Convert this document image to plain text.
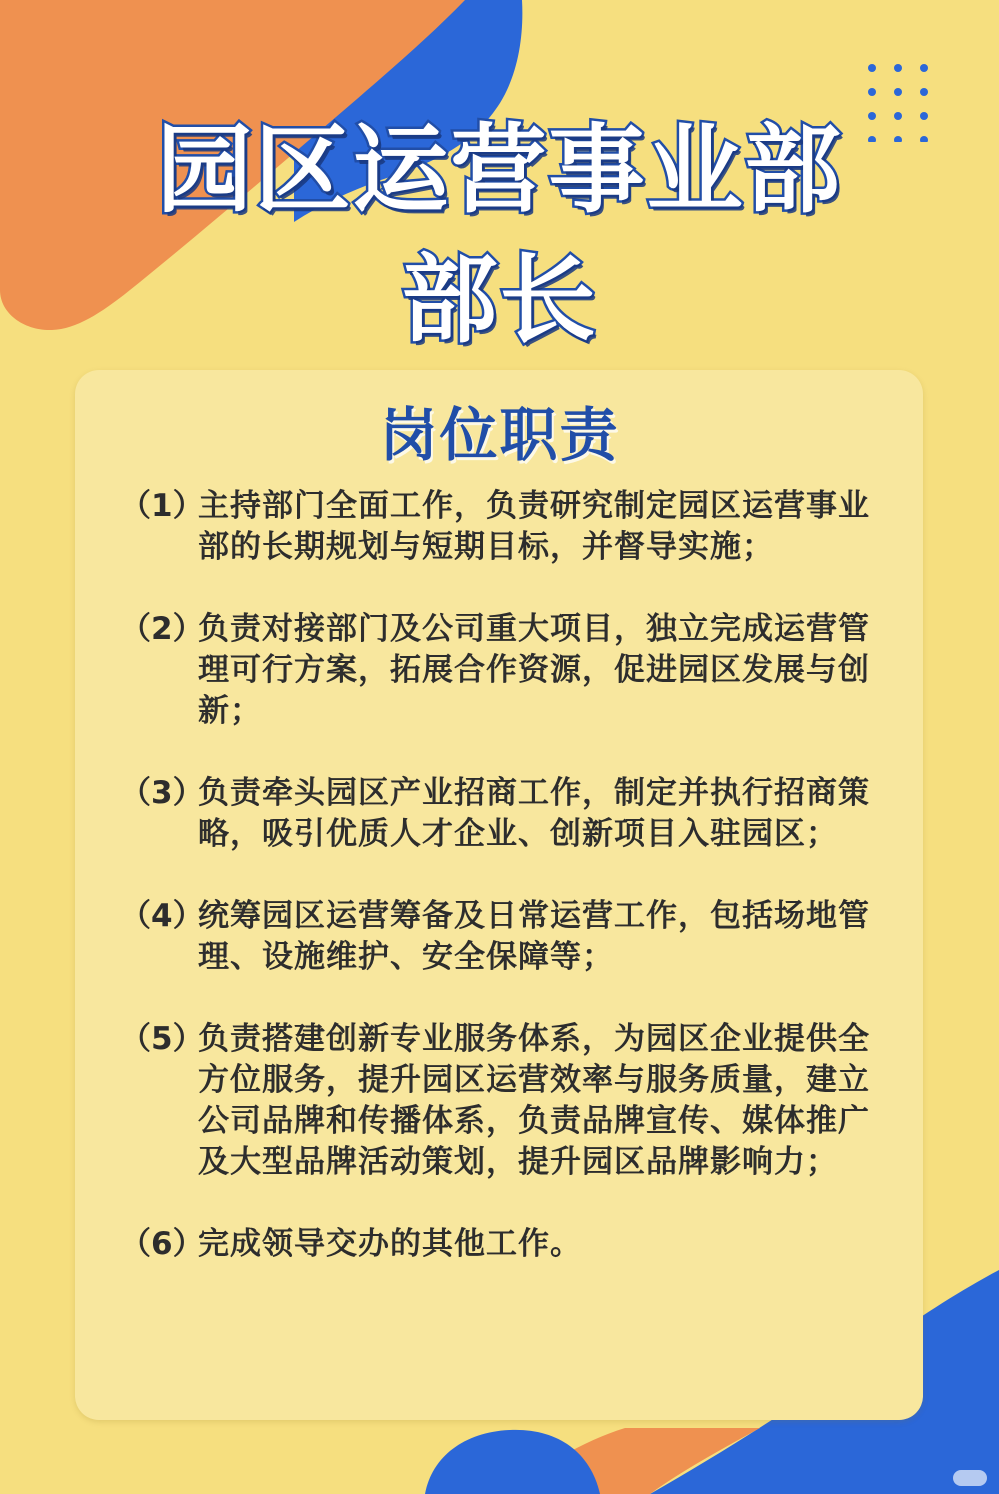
园区运营事业部
部长
岗位职责
（1）
主持部门全面工作，负责研究制定园区运营事业部的长期规划与短期目标，并督导实施；
（2）
负责对接部门及公司重大项目，独立完成运营管理可行方案，拓展合作资源，促进园区发展与创新；
（3）
负责牵头园区产业招商工作，制定并执行招商策略，吸引优质人才企业、创新项目入驻园区；
（4）
统筹园区运营筹备及日常运营工作，包括场地管理、设施维护、安全保障等；
（5）
负责搭建创新专业服务体系，为园区企业提供全方位服务，提升园区运营效率与服务质量，建立公司品牌和传播体系，负责品牌宣传、媒体推广及大型品牌活动策划，提升园区品牌影响力；
（6）
完成领导交办的其他工作。
